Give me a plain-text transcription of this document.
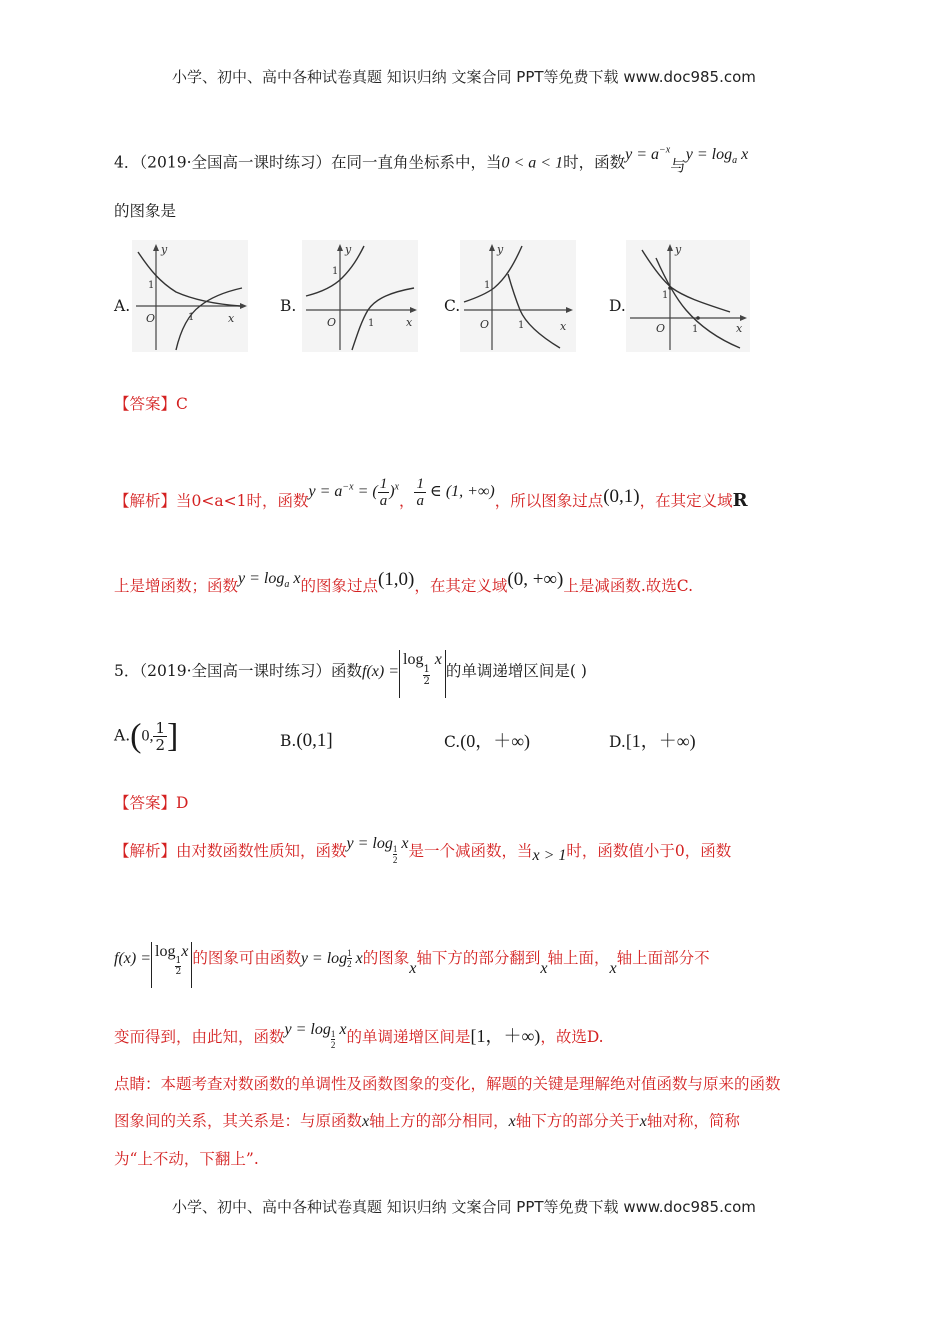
小学、初中、高中各种试卷真题 知识归纳 文案合同 PPT等免费下载 www.doc985.com
小学、初中、高中各种试卷真题 知识归纳 文案合同 PPT等免费下载 www.doc985.com
4．（2019·全国高一课时练习）在同一直角坐标系中，当0 < a < 1时，函数$y = a^{-x}$与$y = \log_a x$
的图象是
A.	B.	C.	D.
y
1
O	1	x
y
1
O	1	x
y
1
O	1	x
y
1
O	1	x
【答案】C
【解析】当0<a<1时，函数$y = a^{-x}$ = ( $\frac{1}{a} )^x$， $\frac{1}{a}$ ∈ (1, +∞)，所以图象过点(0,1)，在其定义域R
上是增函数；函数$y = \log_a x$的图象过点(1,0)，在其定义域(0, +∞)上是减函数.故选C.
5．（2019·全国高一课时练习）函数f(x) =log
$\frac{1}{2}$
x的单调递增区间是( )
A.(0, $\frac{1}{2}$ ]	B.(0,1]	C.(0，＋∞)	D.[1，＋∞)
【答案】D
【解析】由对数函数性质知，函数y = log
$\frac{1}{2}$
x是一个减函数，当x > 1时，函数值小于0，函数
f(x) = log
$\frac{1}{2}$
x 的图象可由函数$y = \log \frac{1}{2}$ x的图象x轴下方的部分翻到x轴上面，x轴上面部分不
变而得到，由此知，函数$y = \log \frac{1}{2}$ x的单调递增区间是[1，＋∞)，故选D.
点睛：本题考查对数函数的单调性及函数图象的变化，解题的关键是理解绝对值函数与原来的函数
图象间的关系，其关系是：与原函数x轴上方的部分相同，x轴下方的部分关于x轴对称，简称
为“上不动，下翻上”.
